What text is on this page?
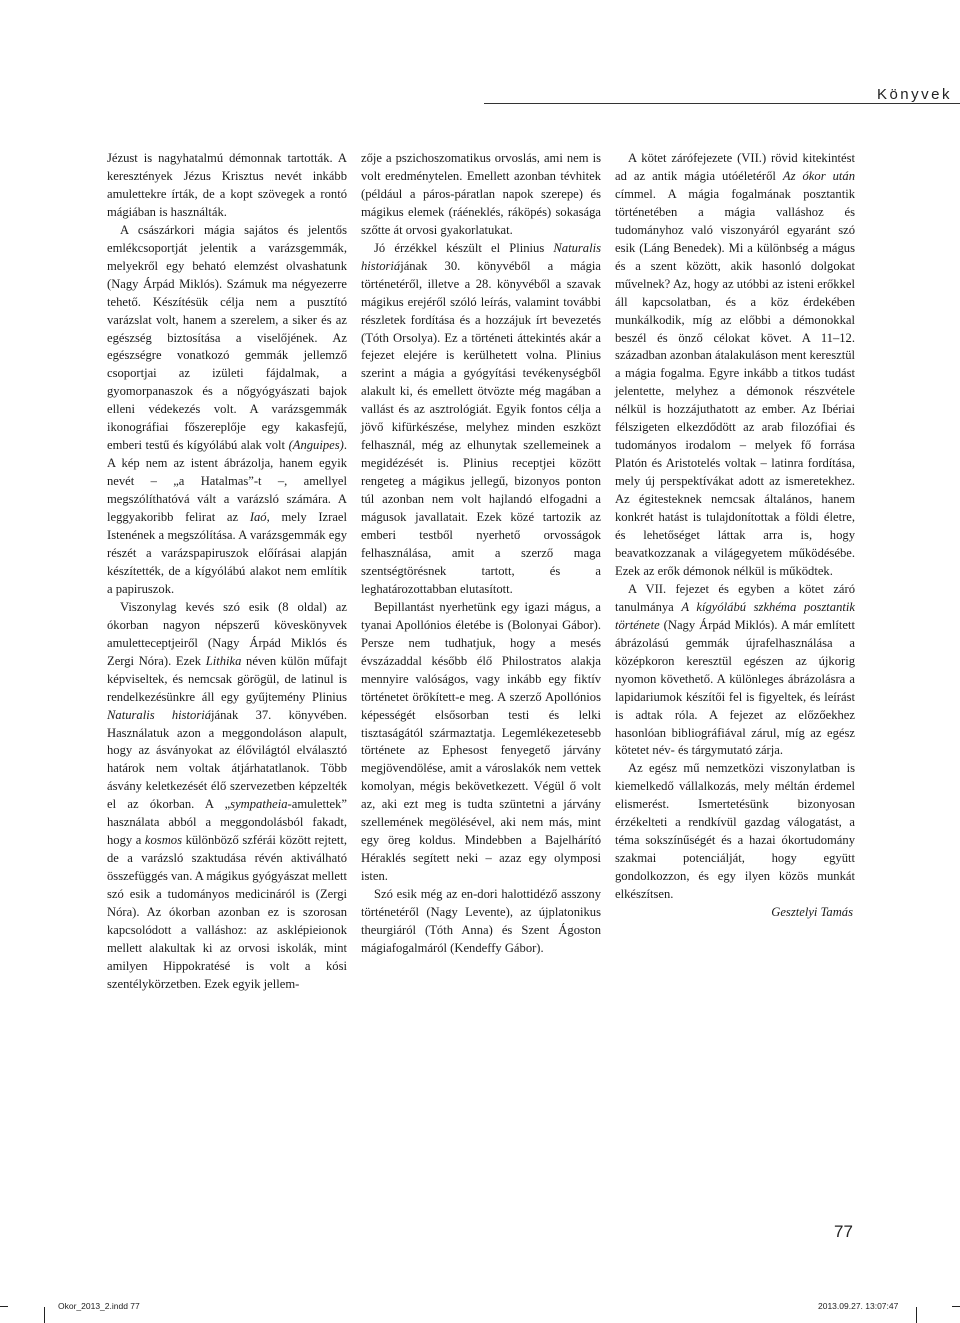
Könyvek

Jézust is nagyhatalmú démonnak tartották. A keresztények Jézus Krisztus nevét inkább amulettekre írták, de a kopt szövegek a rontó mágiában is használták.

A császárkori mágia sajátos és jelentős emlékcsoportját jelentik a varázsgemmák, melyekről egy beható elemzést olvashatunk (Nagy Árpád Miklós). Számuk ma négyezerre tehető. Készítésük célja nem a pusztító varázslat volt, hanem a szerelem, a siker és az egészség biztosítása a viselőjének. Az egészségre vonatkozó gemmák jellemző csoportjai az izületi fájdalmak, a gyomorpanaszok és a nőgyógyászati bajok elleni védekezés volt. A varázsgemmák ikonográfiai főszereplője egy kakasfejű, emberi testű és kígyólábú alak volt (Anguipes). A kép nem az istent ábrázolja, hanem egyik nevét – „a Hatalmas”-t –, amellyel megszólíthatóvá vált a varázsló számára. A leggyakoribb felirat az Iaó, mely Izrael Istenének a megszólítása. A varázsgemmák egy részét a varázspapiruszok előírásai alapján készítették, de a kígyólábú alakot nem említik a papiruszok.

Viszonylag kevés szó esik (8 oldal) az ókorban nagyon népszerű köveskönyvek amuletteceptjeiről (Nagy Árpád Miklós és Zergi Nóra). Ezek Lithika néven külön műfajt képviseltek, és nemcsak görögül, de latinul is rendelkezésünkre áll egy gyűjtemény Plinius Naturalis historiájának 37. könyvében. Használatuk azon a meggondoláson alapult, hogy az ásványokat az élővilágtól elválasztó határok nem voltak átjárhatatlanok. Több ásvány keletkezését élő szervezetben képzelték el az ókorban. A „sympatheia-amulettek” használata abból a meggondolásból fakadt, hogy a kosmos különböző szférái között rejtett, de a varázsló szaktudása révén aktiválható összefüggés van. A mágikus gyógyászat mellett szó esik a tudományos medicináról is (Zergi Nóra). Az ókorban azonban ez is szorosan kapcsolódott a valláshoz: az asklépieionok mellett alakultak ki az orvosi iskolák, mint amilyen Hippokratésé is volt a kósi szentélykörzetben. Ezek egyik jellem-

zője a pszichoszomatikus orvoslás, ami nem is volt eredménytelen. Emellett azonban tévhitek (például a páros-páratlan napok szerepe) és mágikus elemek (ráéneklés, ráköpés) sokasága szőtte át orvosi gyakorlatukat.

Jó érzékkel készült el Plinius Naturalis historiájának 30. könyvéből a mágia történetéről, illetve a 28. könyvéből a szavak mágikus erejéről szóló leírás, valamint további részletek fordítása és a hozzájuk írt bevezetés (Tóth Orsolya). Ez a történeti áttekintés akár a fejezet elejére is kerülhetett volna. Plinius szerint a mágia a gyógyítási tevékenységből alakult ki, és emellett ötvözte még magában a vallást és az asztrológiát. Egyik fontos célja a jövő kifürkészése, melyhez minden eszközt felhasznál, még az elhunytak szellemeinek a megidézését is. Plinius receptjei között rengeteg a mágikus jellegű, bizonyos ponton túl azonban nem volt hajlandó elfogadni a mágusok javallatait. Ezek közé tartozik az emberi testből nyerhető orvosságok felhasználása, amit a szerző maga szentségtörésnek tartott, és a leghatározottabban elutasított.

Bepillantást nyerhetünk egy igazi mágus, a tyanai Apollónios életébe is (Bolonyai Gábor). Persze nem tudhatjuk, hogy a mesés évszázaddal később élő Philostratos alakja mennyire valóságos, vagy inkább egy fiktív történetet örökített-e meg. A szerző Apollónios képességét elsősorban testi és lelki tisztaságától származtatja. Legemlékezetesebb története az Ephesost fenyegető járvány megjövendölése, amit a városlakók nem vettek komolyan, mégis bekövetkezett. Végül ő volt az, aki ezt meg is tudta szüntetni a járvány szellemének megölésével, aki nem más, mint egy öreg koldus. Mindebben a Bajelhárító Héraklés segített neki – azaz egy olymposi isten.

Szó esik még az en-dori halottidéző asszony történetéről (Nagy Levente), az újplatonikus theurgiáról (Tóth Anna) és Szent Ágoston mágiafogalmáról (Kendeffy Gábor).

A kötet zárófejezete (VII.) rövid kitekintést ad az antik mágia utóéletéről Az ókor után címmel. A mágia fogalmának posztantik történetében a mágia valláshoz és tudományhoz való viszonyáról egyaránt szó esik (Láng Benedek). Mi a különbség a mágus és a szent között, akik hasonló dolgokat művelnek? Az, hogy az utóbbi az isteni erőkkel áll kapcsolatban, és a köz érdekében munkálkodik, míg az előbbi a démonokkal beszél és önző célokat követ. A 11–12. században azonban átalakuláson ment keresztül a mágia fogalma. Egyre inkább a titkos tudást jelentette, melyhez a démonok részvétele nélkül is hozzájuthatott az ember. Az Ibériai félszigeten elkezdődött az arab filozófiai és tudományos irodalom – melyek fő forrása Platón és Aristotelés voltak – latinra fordítása, mely új perspektívákat adott az ismeretekhez. Az égitesteknek nemcsak általános, hanem konkrét hatást is tulajdonítottak a földi életre, és lehetőséget láttak arra is, hogy beavatkozzanak a világegyetem működésébe. Ezek az erők démonok nélkül is működtek.

A VII. fejezet és egyben a kötet záró tanulmánya A kígyólábú szkhéma posztantik története (Nagy Árpád Miklós). A már említett ábrázolású gemmák újrafelhasználása a középkoron keresztül egészen az újkorig nyomon követhető. A különleges ábrázolásra a lapidariumok készítői fel is figyeltek, és leírást is adtak róla. A fejezet az előzőekhez hasonlóan bibliográfiával zárul, míg az egész kötetet név- és tárgymutató zárja.

Az egész mű nemzetközi viszonylatban is kiemelkedő vállalkozás, mely méltán érdemel elismerést. Ismertetésünk bizonyosan érzékelteti a rendkívül gazdag válogatást, a téma sokszínűségét és a hazai ókortudomány szakmai potenciálját, hogy együtt gondolkozzon, és egy ilyen közös munkát elkészítsen.

Gesztelyi Tamás

77
Okor_2013_2.indd 77	2013.09.27. 13:07:47
